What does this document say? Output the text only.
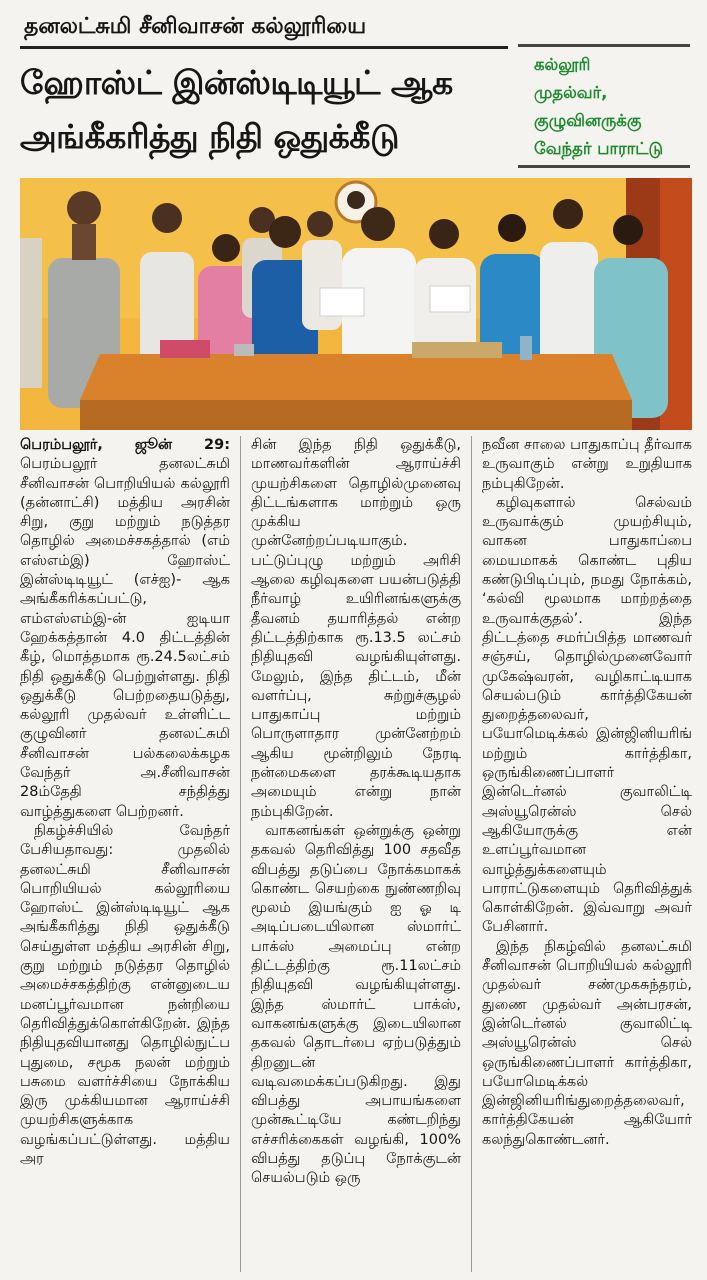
தனலட்சுமி சீனிவாசன் கல்லூரியை
ஹோஸ்ட் இன்ஸ்டிடியூட் ஆக
அங்கீகரித்து நிதி ஒதுக்கீடு
கல்லூரி
முதல்வர்,
குழுவினருக்கு
வேந்தர் பாராட்டு

பெரம்பலூர், ஜூன் 29: பெரம்பலூர் தனலட்சுமி சீனிவாசன் பொறியியல் கல்லூரி (தன்னாட்சி) மத்திய அரசின் சிறு, குறு மற்றும் நடுத்தர தொழில் அமைச்சகத்தால் (எம் எஸ்எம்இ) ஹோஸ்ட் இன்ஸ்டிடியூட் (எச்ஐ)- ஆக அங்கீகரிக்கப்பட்டு, எம்எஸ்எம்இ-ன் ஐடியா ஹேக்கத்தான் 4.0 திட்டத்தின் கீழ், மொத்தமாக ரூ.24.5லட்சம் நிதி ஒதுக்கீடு பெற்றுள்ளது. நிதி ஒதுக்கீடு பெற்றதையடுத்து, கல்லூரி முதல்வர் உள்ளிட்ட குழுவினர் தனலட்சுமி சீனிவாசன் பல்கலைக்கழக வேந்தர் அ.சீனிவாசன் 28ம்தேதி சந்தித்து வாழ்த்துகளை பெற்றனர்.

நிகழ்ச்சியில் வேந்தர் பேசியதாவது: முதலில் தனலட்சுமி சீனிவாசன் பொறியியல் கல்லூரியை ஹோஸ்ட் இன்ஸ்டிடியூட் ஆக அங்கீகரித்து நிதி ஒதுக்கீடு செய்துள்ள மத்திய அரசின் சிறு, குறு மற்றும் நடுத்தர தொழில் அமைச்சகத்திற்கு என்னுடைய மனப்பூர்வமான நன்றியை தெரிவித்துக்கொள்கிறேன். இந்த நிதியுதவியானது தொழில்நுட்ப புதுமை, சமூக நலன் மற்றும் பசுமை வளர்ச்சியை நோக்கிய இரு முக்கியமான ஆராய்ச்சி முயற்சிகளுக்காக வழங்கப்பட்டுள்ளது. மத்திய அர

சின் இந்த நிதி ஒதுக்கீடு, மாணவர்களின் ஆராய்ச்சி முயற்சிகளை தொழில்முனைவு திட்டங்களாக மாற்றும் ஒரு முக்கிய முன்னேற்றப்படியாகும். பட்டுப்புழு மற்றும் அரிசி ஆலை கழிவுகளை பயன்படுத்தி நீர்வாழ் உயிரினங்களுக்கு தீவனம் தயாரித்தல் என்ற திட்டத்திற்காக ரூ.13.5 லட்சம் நிதியுதவி வழங்கியுள்ளது. மேலும், இந்த திட்டம், மீன் வளர்ப்பு, சுற்றுச்சூழல் பாதுகாப்பு மற்றும் பொருளாதார முன்னேற்றம் ஆகிய மூன்றிலும் நேரடி நன்மைகளை தரக்கூடியதாக அமையும் என்று நான் நம்புகிறேன்.

வாகனங்கள் ஒன்றுக்கு ஒன்று தகவல் தெரிவித்து 100 சதவீத விபத்து தடுப்பை நோக்கமாகக் கொண்ட செயற்கை நுண்ணறிவு மூலம் இயங்கும் ஐ ஓ டி அடிப்படையிலான ஸ்மார்ட் பாக்ஸ் அமைப்பு என்ற திட்டத்திற்கு ரூ.11லட்சம் நிதியுதவி வழங்கியுள்ளது. இந்த ஸ்மார்ட் பாக்ஸ், வாகனங்களுக்கு இடையிலான தகவல் தொடர்பை ஏற்படுத்தும் திறனுடன் வடிவமைக்கப்படுகிறது. இது விபத்து அபாயங்களை முன்கூட்டியே கண்டறிந்து எச்சரிக்கைகள் வழங்கி, 100% விபத்து தடுப்பு நோக்குடன் செயல்படும் ஒரு

நவீன சாலை பாதுகாப்பு தீர்வாக உருவாகும் என்று உறுதியாக நம்புகிறேன்.

கழிவுகளால் செல்வம் உருவாக்கும் முயற்சியும், வாகன பாதுகாப்பை மையமாகக் கொண்ட புதிய கண்டுபிடிப்பும், நமது நோக்கம், ‘கல்வி மூலமாக மாற்றத்தை உருவாக்குதல்’. இந்த திட்டத்தை சமர்ப்பித்த மாணவர் சஞ்சய், தொழில்முனைவோர் முகேஷ்வரன், வழிகாட்டியாக செயல்படும் கார்த்திகேயன் துறைத்தலைவர், பயோமெடிக்கல் இன்ஜினியரிங் மற்றும் கார்த்திகா, ஒருங்கிணைப்பாளர் இன்டெர்னல் குவாலிட்டி அஸ்யூரென்ஸ் செல் ஆகியோருக்கு என் உளப்பூர்வமான வாழ்த்துக்களையும் பாராட்டுகளையும் தெரிவித்துக் கொள்கிறேன். இவ்வாறு அவர் பேசினார்.

இந்த நிகழ்வில் தனலட்சுமி சீனிவாசன் பொறியியல் கல்லூரி முதல்வர் சண்முகசுந்தரம், துணை முதல்வர் அன்பரசன், இன்டெர்னல் குவாலிட்டி அஸ்யூரென்ஸ் செல் ஒருங்கிணைப்பாளர் கார்த்திகா, பயோமெடிக்கல் இன்ஜினியரிங்துறைத்தலைவர், கார்த்திகேயன் ஆகியோர் கலந்துகொண்டனர்.
